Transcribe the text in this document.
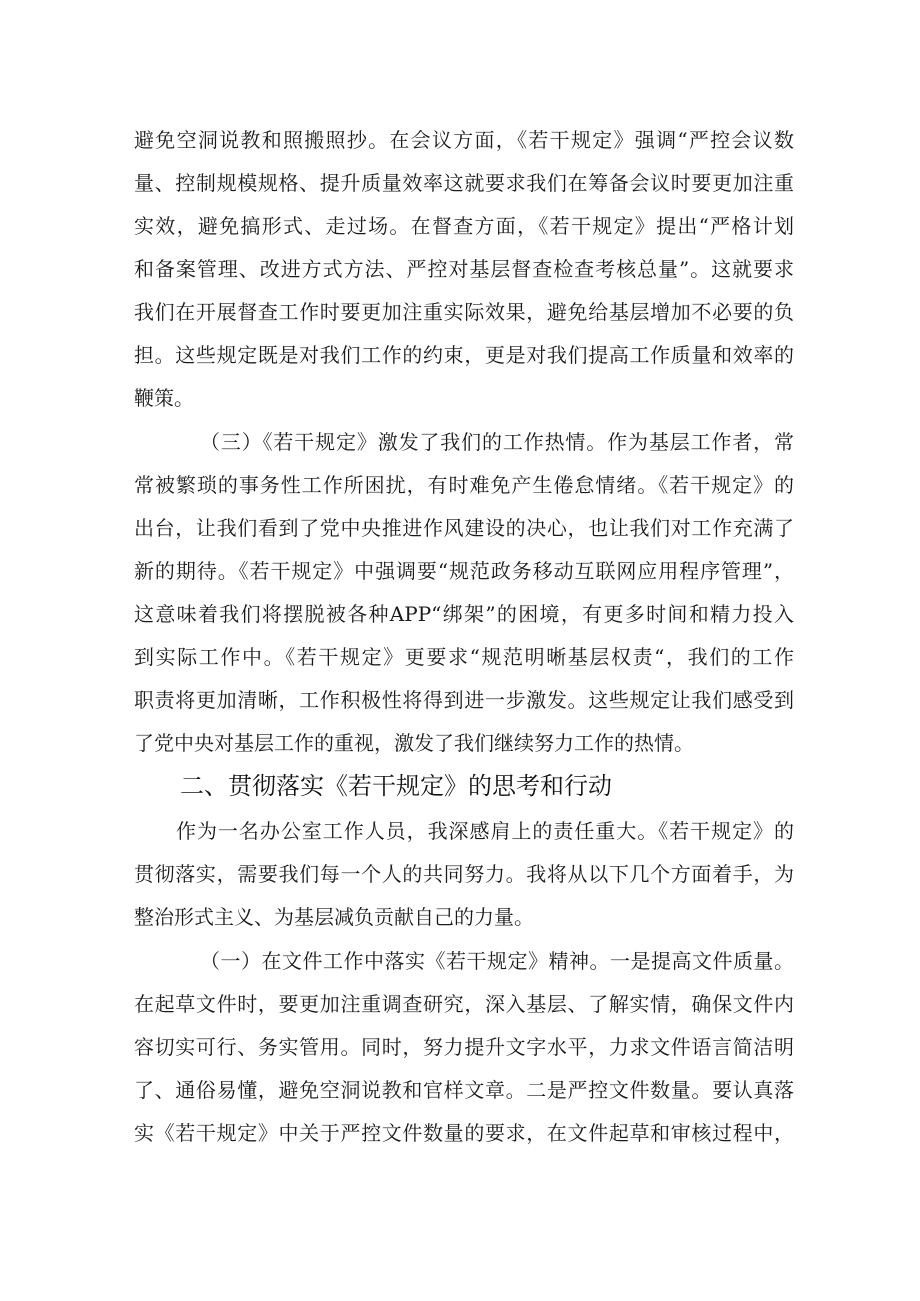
避免空洞说教和照搬照抄。在会议方面，《若干规定》强调“严控会议数
量、控制规模规格、提升质量效率这就要求我们在筹备会议时要更加注重
实效，避免搞形式、走过场。在督查方面，《若干规定》提出“严格计划
和备案管理、改进方式方法、严控对基层督查检查考核总量”。这就要求
我们在开展督查工作时要更加注重实际效果，避免给基层增加不必要的负
担。这些规定既是对我们工作的约束，更是对我们提高工作质量和效率的
鞭策。
（三）《若干规定》激发了我们的工作热情。作为基层工作者，常
常被繁琐的事务性工作所困扰，有时难免产生倦怠情绪。《若干规定》的
出台，让我们看到了党中央推进作风建设的决心，也让我们对工作充满了
新的期待。《若干规定》中强调要“规范政务移动互联网应用程序管理”，
这意味着我们将摆脱被各种APP“绑架”的困境，有更多时间和精力投入
到实际工作中。《若干规定》更要求“规范明晰基层权责“，我们的工作
职责将更加清晰，工作积极性将得到进一步激发。这些规定让我们感受到
了党中央对基层工作的重视，激发了我们继续努力工作的热情。
二、贯彻落实《若干规定》的思考和行动
作为一名办公室工作人员，我深感肩上的责任重大。《若干规定》的
贯彻落实，需要我们每一个人的共同努力。我将从以下几个方面着手，为
整治形式主义、为基层减负贡献自己的力量。
（一）在文件工作中落实《若干规定》精神。一是提高文件质量。
在起草文件时，要更加注重调查研究，深入基层、了解实情，确保文件内
容切实可行、务实管用。同时，努力提升文字水平，力求文件语言简洁明
了、通俗易懂，避免空洞说教和官样文章。二是严控文件数量。要认真落
实《若干规定》中关于严控文件数量的要求，在文件起草和审核过程中，
